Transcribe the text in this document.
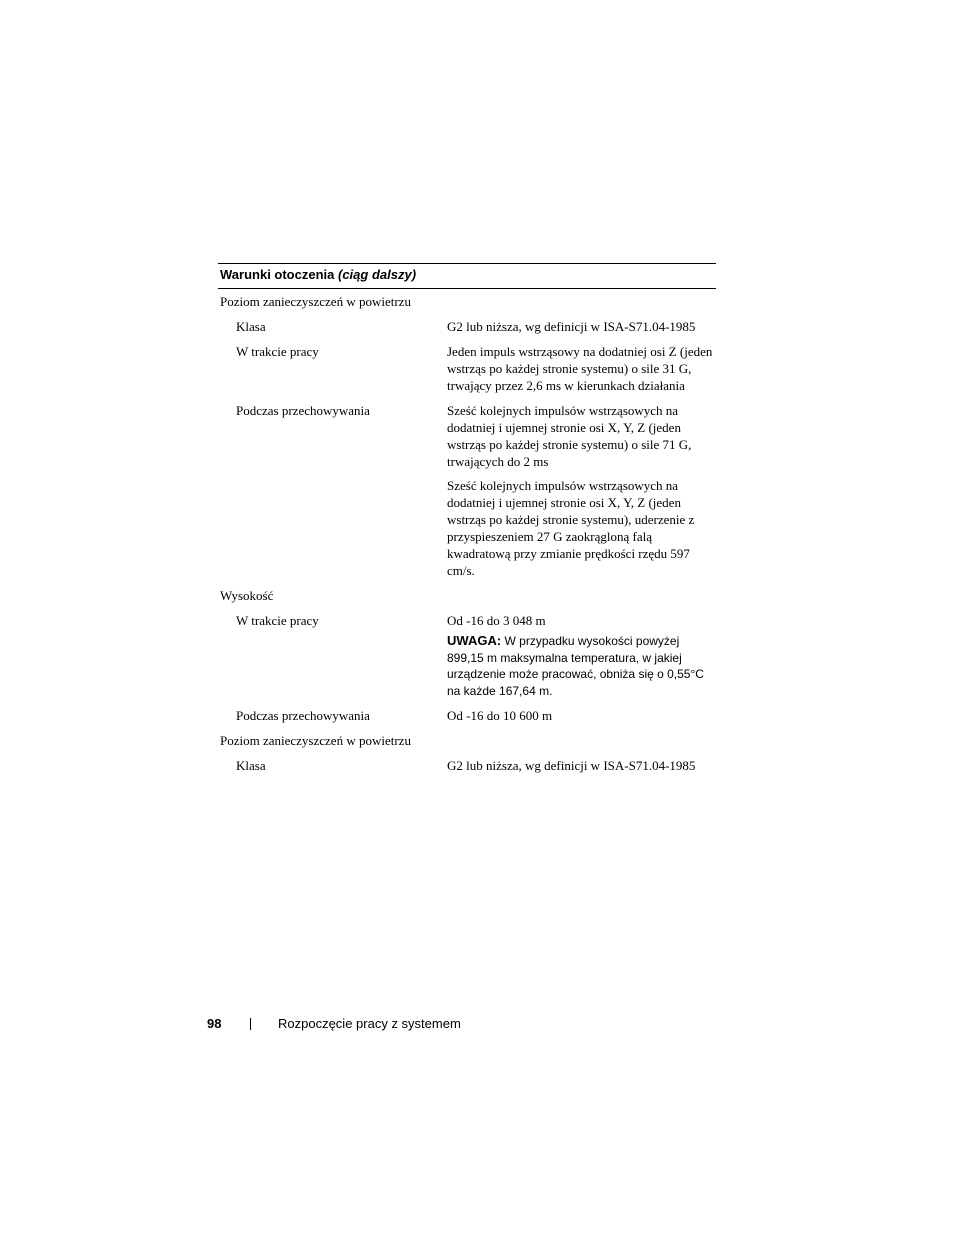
Warunki otoczenia (ciąg dalszy)
Poziom zanieczyszczeń w powietrzu
Klasa	G2 lub niższa, wg definicji w ISA-S71.04-1985

W trakcie pracy	Jeden impuls wstrząsowy na dodatniej osi Z (jeden wstrząs po każdej stronie systemu) o sile 31 G, trwający przez 2,6 ms w kierunkach działania

Podczas przechowywania	Sześć kolejnych impulsów wstrząsowych na dodatniej i ujemnej stronie osi X, Y, Z (jeden wstrząs po każdej stronie systemu) o sile 71 G, trwających do 2 ms

Sześć kolejnych impulsów wstrząsowych na dodatniej i ujemnej stronie osi X, Y, Z (jeden wstrząs po każdej stronie systemu), uderzenie z przyspieszeniem 27 G zaokrągloną falą kwadratową przy zmianie prędkości rzędu 597 cm/s.

Wysokość
W trakcie pracy	Od -16 do 3 048 m

UWAGA: W przypadku wysokości powyżej 899,15 m maksymalna temperatura, w jakiej urządzenie może pracować, obniża się o 0,55°C na każde 167,64 m.
Podczas przechowywania	Od -16 do 10 600 m

Poziom zanieczyszczeń w powietrzu
Klasa	G2 lub niższa, wg definicji w ISA-S71.04-1985

98	Rozpoczęcie pracy z systemem
